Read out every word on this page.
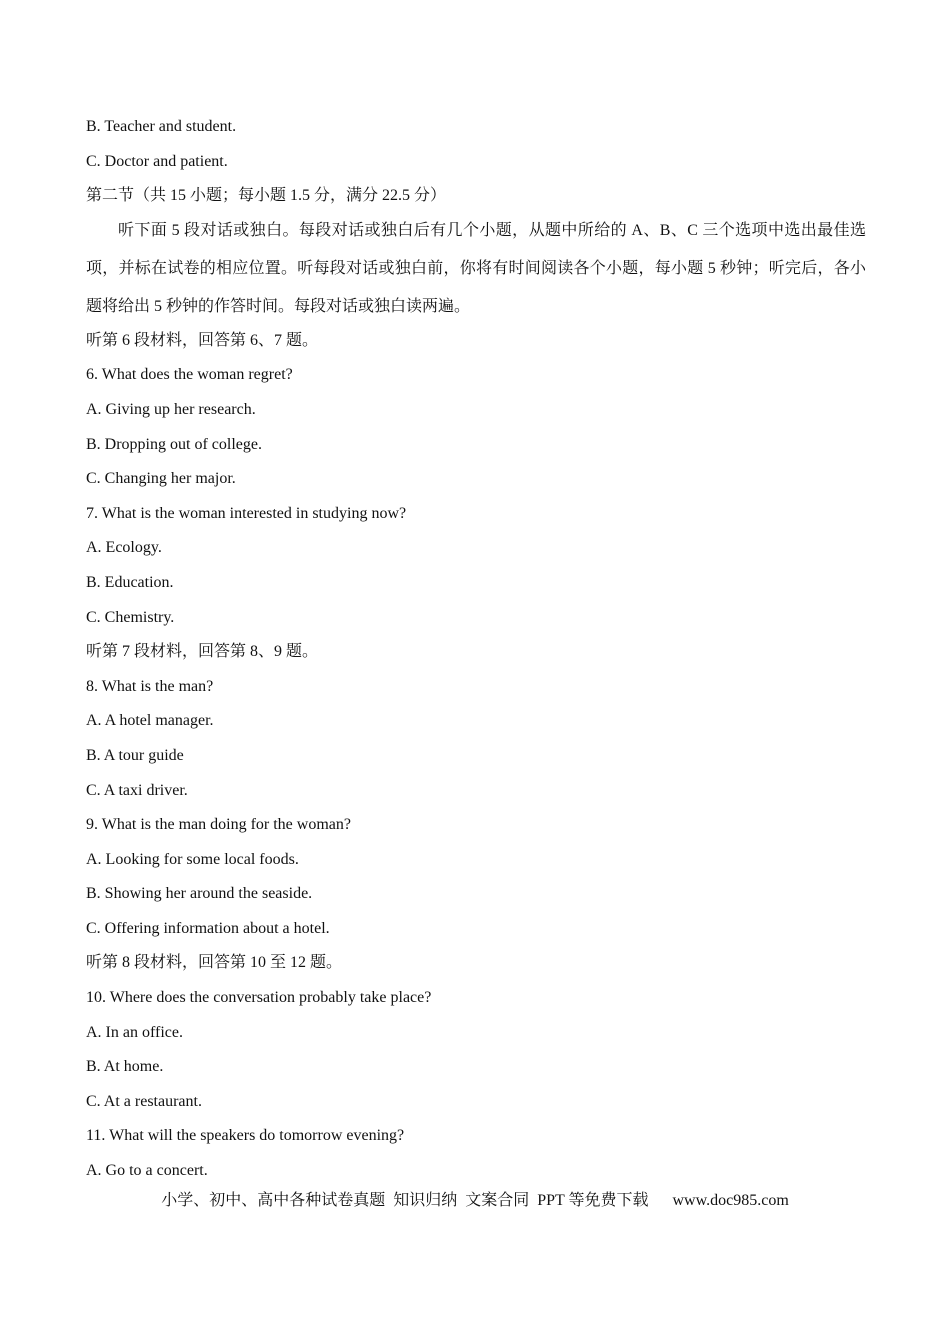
B. Teacher and student.
C. Doctor and patient.
第二节（共 15 小题；每小题 1.5 分，满分 22.5 分）

听下面 5 段对话或独白。每段对话或独白后有几个小题，从题中所给的 A、B、C 三个选项中选出最佳选项，并标在试卷的相应位置。听每段对话或独白前，你将有时间阅读各个小题，每小题 5 秒钟；听完后，各小题将给出 5 秒钟的作答时间。每段对话或独白读两遍。

听第 6 段材料，回答第 6、7 题。
6. What does the woman regret?
A. Giving up her research.
B. Dropping out of college.
C. Changing her major.
7. What is the woman interested in studying now?
A. Ecology.
B. Education.
C. Chemistry.
听第 7 段材料，回答第 8、9 题。
8. What is the man?
A. A hotel manager.
B. A tour guide
C. A taxi driver.
9. What is the man doing for the woman?
A. Looking for some local foods.
B. Showing her around the seaside.
C. Offering information about a hotel.
听第 8 段材料，回答第 10 至 12 题。
10. Where does the conversation probably take place?
A. In an office.
B. At home.
C. At a restaurant.
11. What will the speakers do tomorrow evening?
A. Go to a concert.
小学、初中、高中各种试卷真题  知识归纳  文案合同  PPT 等免费下载 www.doc985.com
